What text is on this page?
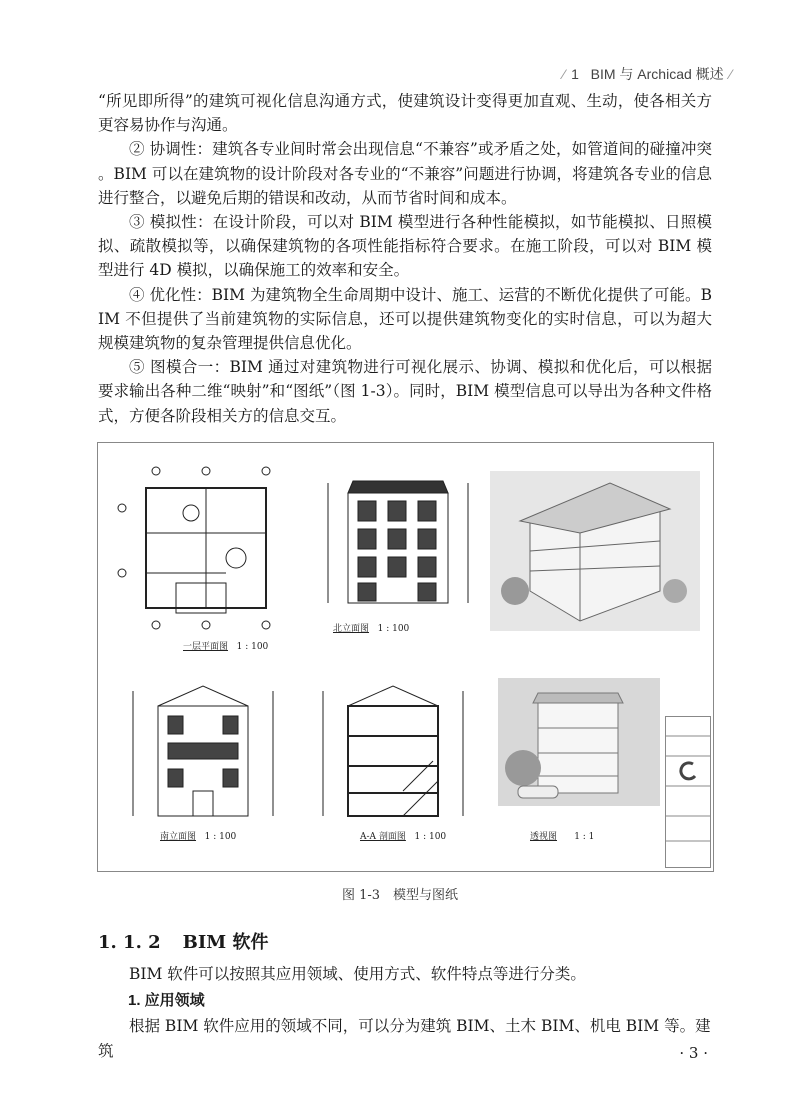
⁄ 1 BIM 与 Archicad 概述 ⁄

“所见即所得”的建筑可视化信息沟通方式，使建筑设计变得更加直观、生动，使各相关方更容易协作与沟通。

② 协调性：建筑各专业间时常会出现信息“不兼容”或矛盾之处，如管道间的碰撞冲突。BIM 可以在建筑物的设计阶段对各专业的“不兼容”问题进行协调，将建筑各专业的信息进行整合，以避免后期的错误和改动，从而节省时间和成本。

③ 模拟性：在设计阶段，可以对 BIM 模型进行各种性能模拟，如节能模拟、日照模拟、疏散模拟等，以确保建筑物的各项性能指标符合要求。在施工阶段，可以对 BIM 模型进行 4D 模拟，以确保施工的效率和安全。

④ 优化性：BIM 为建筑物全生命周期中设计、施工、运营的不断优化提供了可能。BIM 不但提供了当前建筑物的实际信息，还可以提供建筑物变化的实时信息，可以为超大规模建筑物的复杂管理提供信息优化。

⑤ 图模合一：BIM 通过对建筑物进行可视化展示、协调、模拟和优化后，可以根据要求输出各种二维“映射”和“图纸”（图 1-3）。同时，BIM 模型信息可以导出为各种文件格式，方便各阶段相关方的信息交互。

一层平面图 1 : 100
北立面图 1 : 100
南立面图 1 : 100	A-A 剖面图 1 : 100	透视图 1 : 1
图 1-3　模型与图纸
1. 1. 2 BIM 软件

BIM 软件可以按照其应用领域、使用方式、软件特点等进行分类。

1. 应用领域

根据 BIM 软件应用的领域不同，可以分为建筑 BIM、土木 BIM、机电 BIM 等。建筑	· 3 ·
